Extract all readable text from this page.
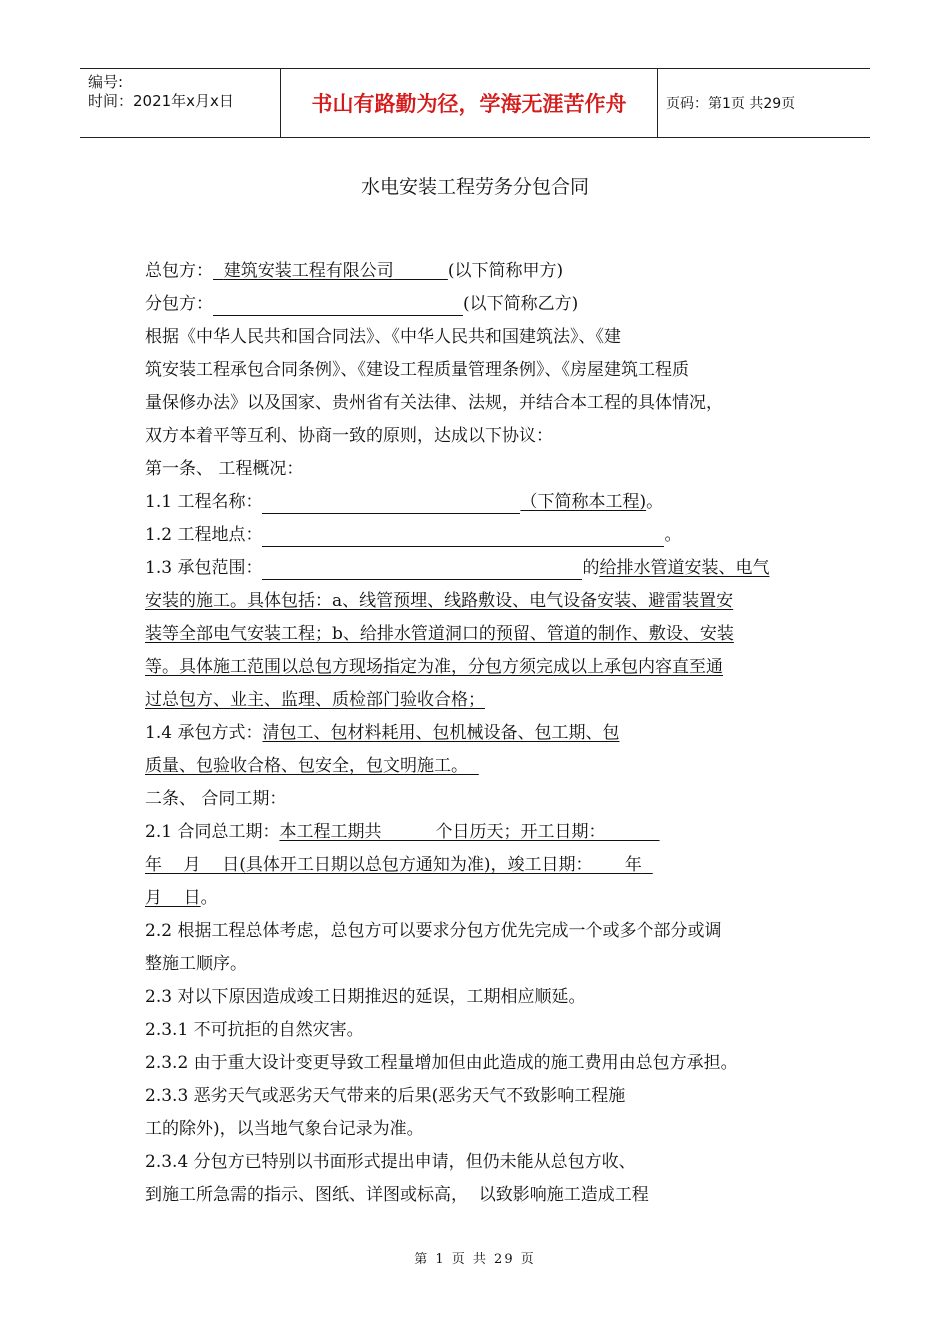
编号:
时间：2021年x月x日	书山有路勤为径，学海无涯苦作舟	页码：第1页 共29页
水电安装工程劳务分包合同
总包方： 建筑安装工程有限公司	(以下简称甲方)
分包方：	(以下简称乙方)
根据《中华人民共和国合同法》、《中华人民共和国建筑法》、《建
筑安装工程承包合同条例》、《建设工程质量管理条例》、《房屋建筑工程质
量保修办法》以及国家、贵州省有关法律、法规，并结合本工程的具体情况，
双方本着平等互利、协商一致的原则，达成以下协议：
第一条、 工程概况：
1.1 工程名称：	（下简称本工程)。
1.2 工程地点：	。
1.3 承包范围：	的给排水管道安装、电气
安装的施工。具体包括：a、线管预埋、线路敷设、电气设备安装、避雷装置安
装等全部电气安装工程；b、给排水管道洞口的预留、管道的制作、敷设、安装
等。具体施工范围以总包方现场指定为准，分包方须完成以上承包内容直至通
过总包方、业主、监理、质检部门验收合格；
1.4 承包方式：清包工、包材料耗用、包机械设备、包工期、包
质量、包验收合格、包安全，包文明施工。
二条、 合同工期：
2.1 合同总工期：本工程工期共          个日历天；开工日期：
年    月    日(具体开工日期以总包方通知为准)，竣工日期：      年
月    日。
2.2 根据工程总体考虑，总包方可以要求分包方优先完成一个或多个部分或调
整施工顺序。
2.3 对以下原因造成竣工日期推迟的延误，工期相应顺延。
2.3.1 不可抗拒的自然灾害。
2.3.2 由于重大设计变更导致工程量增加但由此造成的施工费用由总包方承担。
2.3.3 恶劣天气或恶劣天气带来的后果(恶劣天气不致影响工程施
工的除外)，以当地气象台记录为准。
2.3.4 分包方已特别以书面形式提出申请，但仍未能从总包方收、
到施工所急需的指示、图纸、详图或标高，  以致影响施工造成工程
第 1 页 共 29 页
